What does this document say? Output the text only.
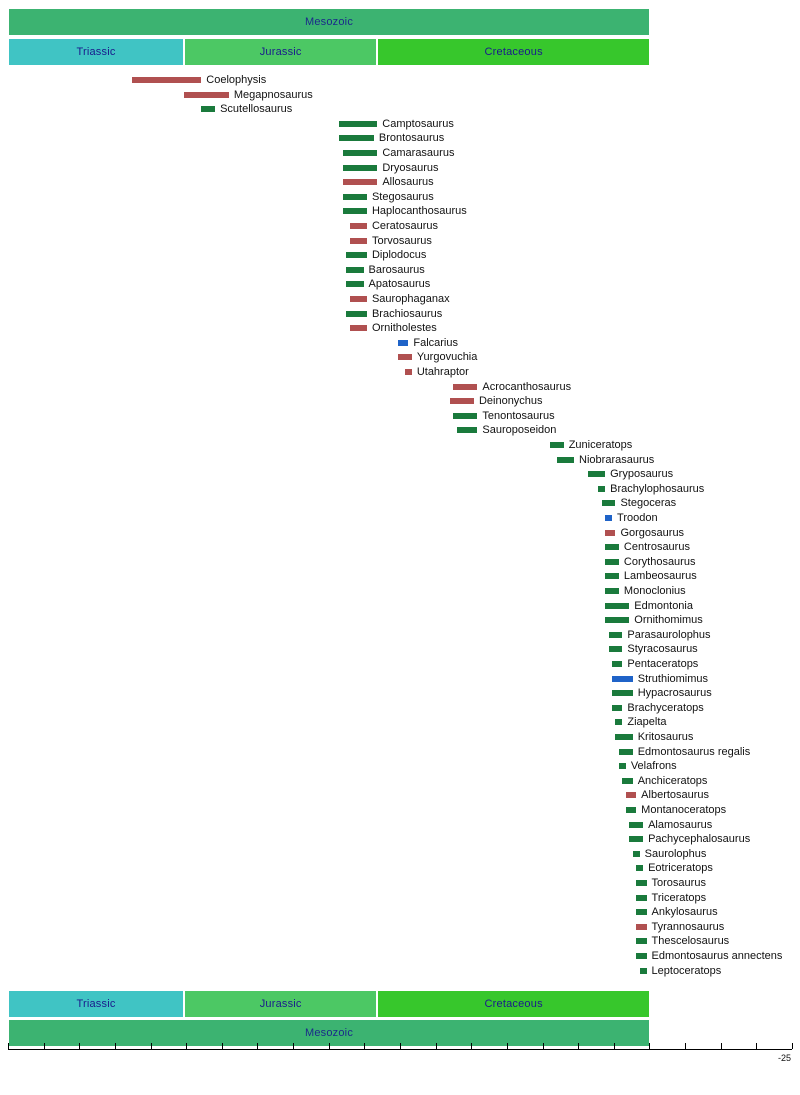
Mesozoic
Triassic	Jurassic	Cretaceous
Coelophysis
Megapnosaurus
Scutellosaurus
Camptosaurus
Brontosaurus
Camarasaurus
Dryosaurus
Allosaurus
Stegosaurus
Haplocanthosaurus
Ceratosaurus
Torvosaurus
Diplodocus
Barosaurus
Apatosaurus
Saurophaganax
Brachiosaurus
Ornitholestes
Falcarius
Yurgovuchia
Utahraptor
Acrocanthosaurus
Deinonychus
Tenontosaurus
Sauroposeidon
Zuniceratops
Niobrarasaurus
Gryposaurus
Brachylophosaurus
Stegoceras
Troodon
Gorgosaurus
Centrosaurus
Corythosaurus
Lambeosaurus
Monoclonius
Edmontonia
Ornithomimus
Parasaurolophus
Styracosaurus
Pentaceratops
Struthiomimus
Hypacrosaurus
Brachyceratops
Ziapelta
Kritosaurus
Edmontosaurus regalis
Velafrons
Anchiceratops
Albertosaurus
Montanoceratops
Alamosaurus
Pachycephalosaurus
Saurolophus
Eotriceratops
Torosaurus
Triceratops
Ankylosaurus
Tyrannosaurus
Thescelosaurus
Edmontosaurus annectens
Leptoceratops
Triassic	Jurassic	Cretaceous
Mesozoic
-25
